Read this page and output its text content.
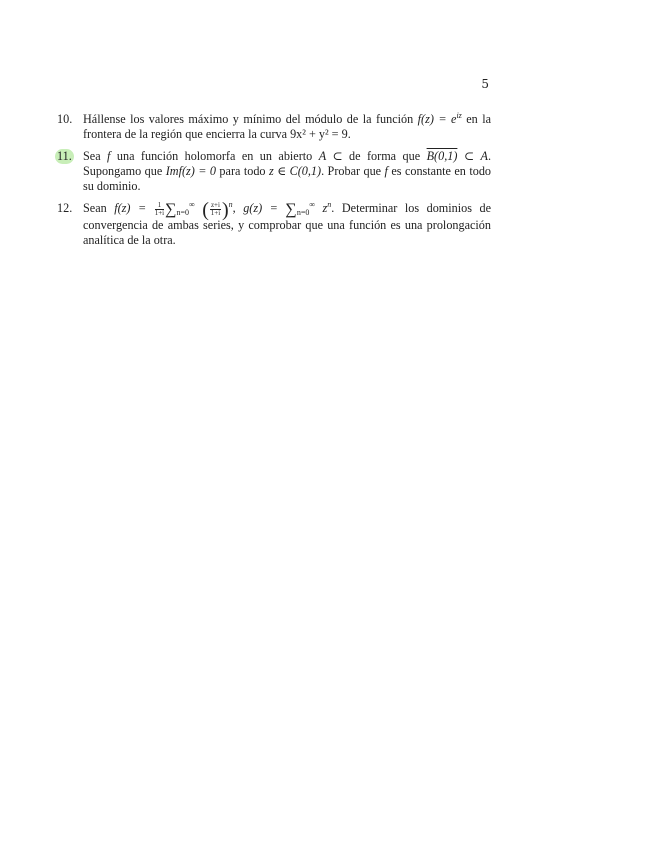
5
10. Hállense los valores máximo y mínimo del módulo de la función $f(z) = e^{iz}$ en la frontera de la región que encierra la curva 9x² + y² = 9.
11. Sea f una función holomorfa en un abierto A ⊂ de forma que B(0,1) ⊂ A. Supongamo que Imf(z) = 0 para todo z ∈ C(0,1). Probar que f es constante en todo su dominio.
12. Sean $f(z) = \frac{1}{1+i} \sum_{n=0}^\infty$ ( $\frac{z+i}{1+i} )^n$, $g(z) = \sum_{n=0}^\infty$ $z^n$. Determinar los dominios de convergencia de ambas series, y comprobar que una función es una prolongación analítica de la otra.
